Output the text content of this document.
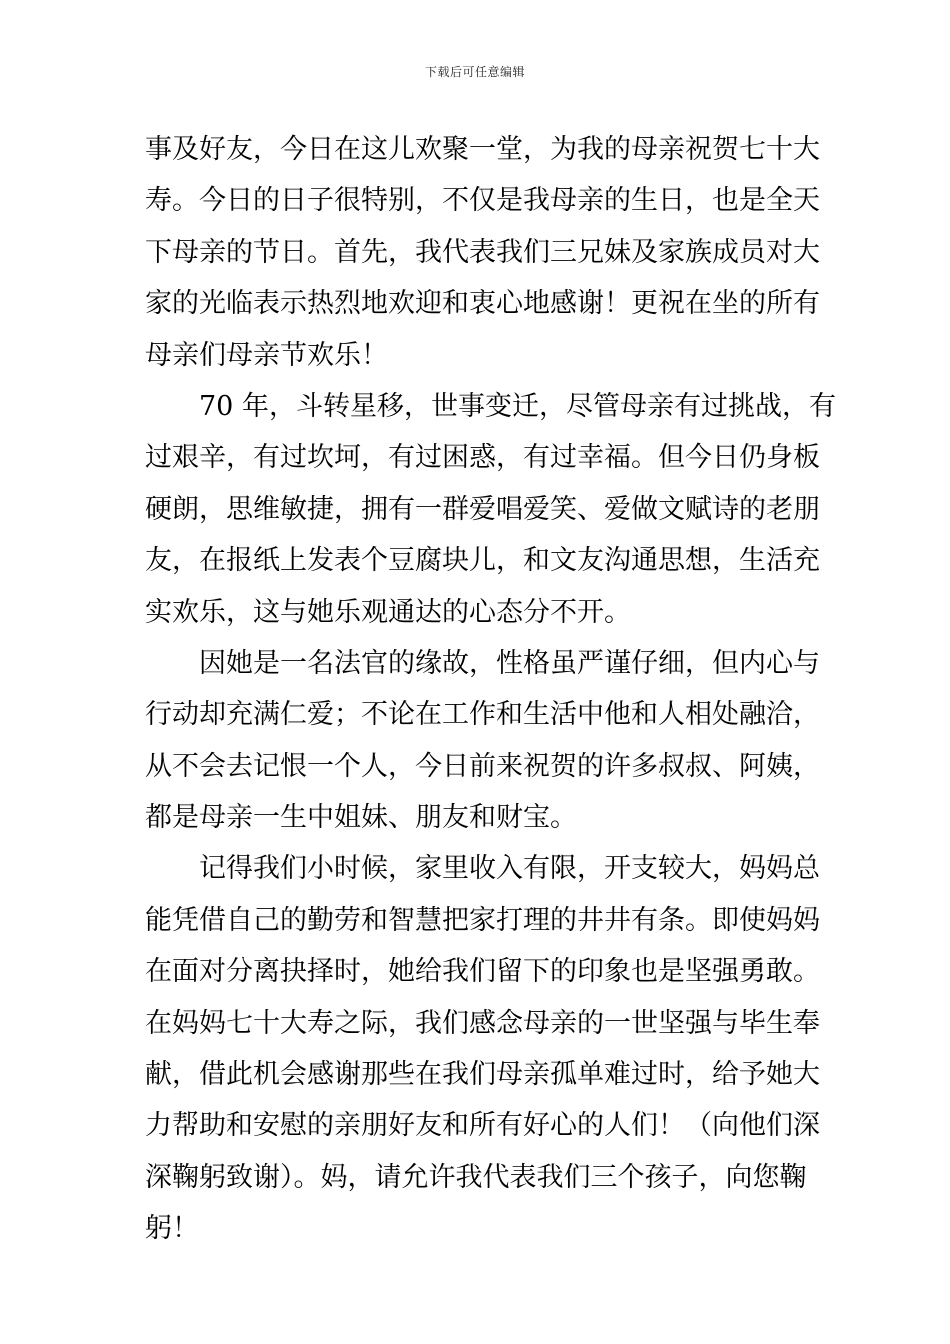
下载后可任意编辑
事及好友，今日在这儿欢聚一堂，为我的母亲祝贺七十大
寿。今日的日子很特别，不仅是我母亲的生日，也是全天
下母亲的节日。首先，我代表我们三兄妹及家族成员对大
家的光临表示热烈地欢迎和衷心地感谢！更祝在坐的所有
母亲们母亲节欢乐！
70 年，斗转星移，世事变迁，尽管母亲有过挑战，有
过艰辛，有过坎坷，有过困惑，有过幸福。但今日仍身板
硬朗，思维敏捷，拥有一群爱唱爱笑、爱做文赋诗的老朋
友，在报纸上发表个豆腐块儿，和文友沟通思想，生活充
实欢乐，这与她乐观通达的心态分不开。
因她是一名法官的缘故，性格虽严谨仔细，但内心与
行动却充满仁爱；不论在工作和生活中他和人相处融洽，
从不会去记恨一个人，今日前来祝贺的许多叔叔、阿姨，
都是母亲一生中姐妹、朋友和财宝。
记得我们小时候，家里收入有限，开支较大，妈妈总
能凭借自己的勤劳和智慧把家打理的井井有条。即使妈妈
在面对分离抉择时，她给我们留下的印象也是坚强勇敢。
在妈妈七十大寿之际，我们感念母亲的一世坚强与毕生奉
献，借此机会感谢那些在我们母亲孤单难过时，给予她大
力帮助和安慰的亲朋好友和所有好心的人们！（向他们深
深鞠躬致谢）。妈，请允许我代表我们三个孩子，向您鞠
躬！
